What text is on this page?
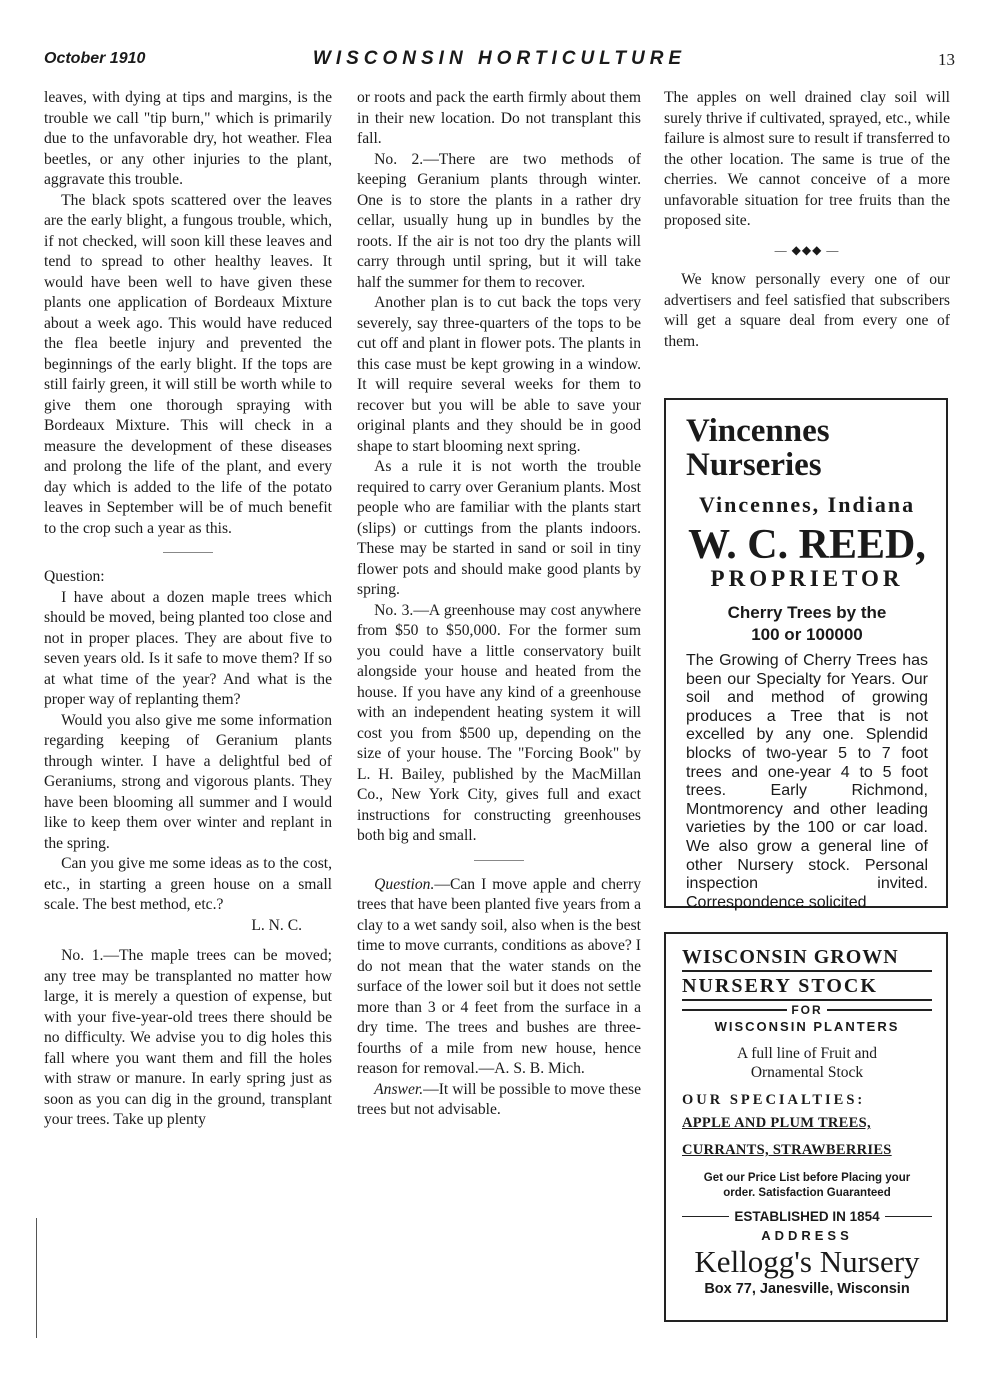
October 1910	WISCONSIN HORTICULTURE	13

leaves, with dying at tips and margins, is the trouble we call "tip burn," which is primarily due to the unfavorable dry, hot weather. Flea beetles, or any other injuries to the plant, aggravate this trouble.

The black spots scattered over the leaves are the early blight, a fungous trouble, which, if not checked, will soon kill these leaves and tend to spread to other healthy leaves. It would have been well to have given these plants one application of Bordeaux Mixture about a week ago. This would have reduced the flea beetle injury and prevented the beginnings of the early blight. If the tops are still fairly green, it will still be worth while to give them one thorough spraying with Bordeaux Mixture. This will check in a measure the development of these diseases and prolong the life of the plant, and every day which is added to the life of the potato leaves in September will be of much benefit to the crop such a year as this.

Question:

I have about a dozen maple trees which should be moved, being planted too close and not in proper places. They are about five to seven years old. Is it safe to move them? If so at what time of the year? And what is the proper way of replanting them?

Would you also give me some information regarding keeping of Geranium plants through winter. I have a delightful bed of Geraniums, strong and vigorous plants. They have been blooming all summer and I would like to keep them over winter and replant in the spring.

Can you give me some ideas as to the cost, etc., in starting a green house on a small scale. The best method, etc.?

L. N. C.

No. 1.—The maple trees can be moved; any tree may be transplanted no matter how large, it is merely a question of expense, but with your five-year-old trees there should be no difficulty. We advise you to dig holes this fall where you want them and fill the holes with straw or manure. In early spring just as soon as you can dig in the ground, transplant your trees. Take up plenty

or roots and pack the earth firmly about them in their new location. Do not transplant this fall.

No. 2.—There are two methods of keeping Geranium plants through winter. One is to store the plants in a rather dry cellar, usually hung up in bundles by the roots. If the air is not too dry the plants will carry through until spring, but it will take half the summer for them to recover.

Another plan is to cut back the tops very severely, say three-quarters of the tops to be cut off and plant in flower pots. The plants in this case must be kept growing in a window. It will require several weeks for them to recover but you will be able to save your original plants and they should be in good shape to start blooming next spring.

As a rule it is not worth the trouble required to carry over Geranium plants. Most people who are familiar with the plants start (slips) or cuttings from the plants indoors. These may be started in sand or soil in tiny flower pots and should make good plants by spring.

No. 3.—A greenhouse may cost anywhere from $50 to $50,000. For the former sum you could have a little conservatory built alongside your house and heated from the house. If you have any kind of a greenhouse with an independent heating system it will cost you from $500 up, depending on the size of your house. The "Forcing Book" by L. H. Bailey, published by the MacMillan Co., New York City, gives full and exact instructions for constructing greenhouses both big and small.

Question.—Can I move apple and cherry trees that have been planted five years from a clay to a wet sandy soil, also when is the best time to move currants, conditions as above? I do not mean that the water stands on the surface of the lower soil but it does not settle more than 3 or 4 feet from the surface in a dry time. The trees and bushes are three-fourths of a mile from new house, hence reason for removal.—A. S. B. Mich.

Answer.—It will be possible to move these trees but not advisable.

The apples on well drained clay soil will surely thrive if cultivated, sprayed, etc., while failure is almost sure to result if transferred to the other location. The same is true of the cherries. We cannot conceive of a more unfavorable situation for tree fruits than the proposed site.

— ◆◆◆ —

We know personally every one of our advertisers and feel satisfied that subscribers will get a square deal from every one of them.

Vincennes
Nurseries
Vincennes, Indiana
W. C. REED,
PROPRIETOR
Cherry Trees by the
100 or 100000
The Growing of Cherry Trees has been our Specialty for Years. Our soil and method of growing produces a Tree that is not excelled by any one. Splendid blocks of two-year 5 to 7 foot trees and one-year 4 to 5 foot trees. Early Richmond, Montmorency and other leading varieties by the 100 or car load. We also grow a general line of other Nursery stock. Personal inspection invited. Correspondence solicited
WISCONSIN GROWN
NURSERY STOCK
FOR
WISCONSIN PLANTERS
A full line of Fruit and
Ornamental Stock
OUR SPECIALTIES:
APPLE AND PLUM TREES,
CURRANTS, STRAWBERRIES
Get our Price List before Placing your
order. Satisfaction Guaranteed
ESTABLISHED IN 1854
ADDRESS
Kellogg's Nursery
Box 77, Janesville, Wisconsin
